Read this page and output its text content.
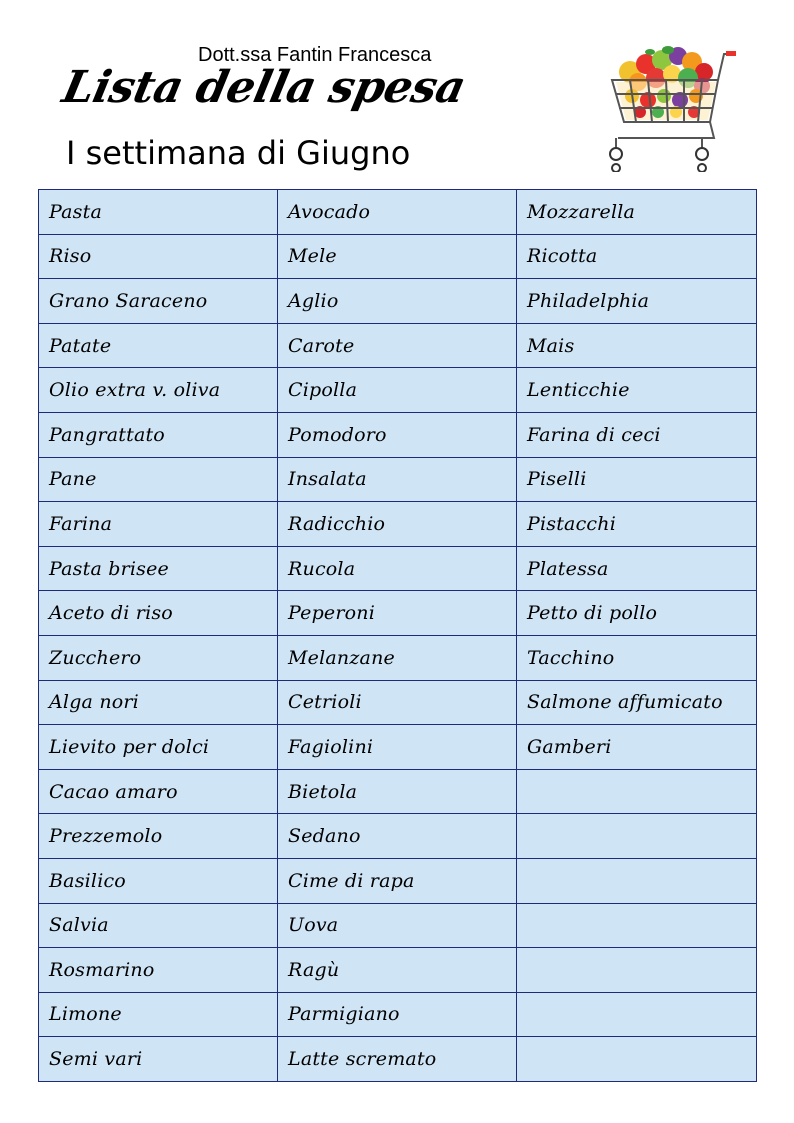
Dott.ssa Fantin Francesca
Lista della spesa
I settimana di Giugno
Pasta	Avocado	Mozzarella
Riso	Mele	Ricotta
Grano Saraceno	Aglio	Philadelphia
Patate	Carote	Mais
Olio extra v. oliva	Cipolla	Lenticchie
Pangrattato	Pomodoro	Farina di ceci
Pane	Insalata	Piselli
Farina	Radicchio	Pistacchi
Pasta brisee	Rucola	Platessa
Aceto di riso	Peperoni	Petto di pollo
Zucchero	Melanzane	Tacchino
Alga nori	Cetrioli	Salmone affumicato
Lievito per dolci	Fagiolini	Gamberi
Cacao amaro	Bietola	
Prezzemolo	Sedano	
Basilico	Cime di rapa	
Salvia	Uova	
Rosmarino	Ragù	
Limone	Parmigiano	
Semi vari	Latte scremato	
